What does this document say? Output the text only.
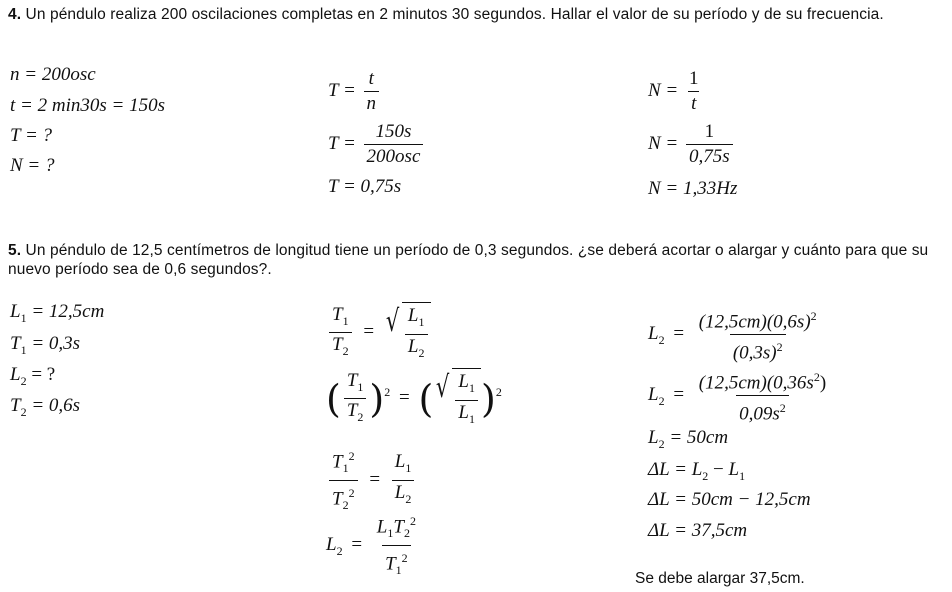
4. Un péndulo realiza 200 oscilaciones completas en 2 minutos 30 segundos. Hallar el valor de su período y de su frecuencia.
n = 200osc
t = 2 min30s = 150s
T = ?
N = ?
$T = \frac{t}{n}$
$T = \frac{150s}{\text{200osc}}$
T = 0,75s
$N = \frac{1}{t}$
$N = \frac{1}{0,75s}$
N = 1,33Hz
5. Un péndulo de 12,5 centímetros de longitud tiene un período de 0,3 segundos. ¿se deberá acortar o alargar y cuánto para que su nuevo período sea de 0,6 segundos?.
$L_1 = 12,5cm$
$T_1 = 0,3s$
$L_2$ = ?
$T_2 = 0,6s$
$\frac{T_1}{T_2}$ = √ $\frac{L_1}{L_2}$
( $\frac{T_1}{T_2} )^2$ = ( √ $\frac{L_1}{L_1} )^2$
$\frac{T_1^2}{T_2^2} = \frac{L_1}{L_2}$
$L_2 = \frac{L_1T_2^2}{T_1^2}$
$L_2 = \frac{(12,5cm)(0,6s)^2}{(0,3s)^2}$
$L_2 = \frac{(12,5cm)(0,36s^2)}{0,09s^2}$
$L_2 = 50cm$
$\Delta L = L_2 - L_1$
ΔL = 50cm − 12,5cm
ΔL = 37,5cm
Se debe alargar 37,5cm.
